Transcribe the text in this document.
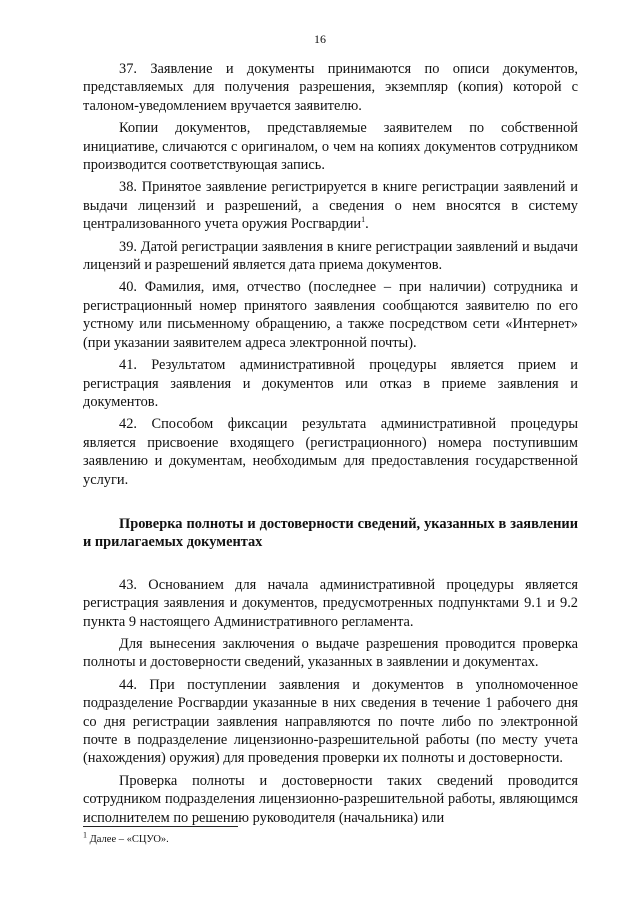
16

37. Заявление и документы принимаются по описи документов, представляемых для получения разрешения, экземпляр (копия) которой с талоном-уведомлением вручается заявителю.

Копии документов, представляемые заявителем по собственной инициативе, сличаются с оригиналом, о чем на копиях документов сотрудником производится соответствующая запись.

38. Принятое заявление регистрируется в книге регистрации заявлений и выдачи лицензий и разрешений, а сведения о нем вносятся в систему централизованного учета оружия Росгвардии$^1$.

39. Датой регистрации заявления в книге регистрации заявлений и выдачи лицензий и разрешений является дата приема документов.

40. Фамилия, имя, отчество (последнее – при наличии) сотрудника и регистрационный номер принятого заявления сообщаются заявителю по его устному или письменному обращению, а также посредством сети «Интернет» (при указании заявителем адреса электронной почты).

41. Результатом административной процедуры является прием и регистрация заявления и документов или отказ в приеме заявления и документов.

42. Способом фиксации результата административной процедуры является присвоение входящего (регистрационного) номера поступившим заявлению и документам, необходимым для предоставления государственной услуги.

Проверка полноты и достоверности сведений, указанных в заявлении и прилагаемых документах

43. Основанием для начала административной процедуры является регистрация заявления и документов, предусмотренных подпунктами 9.1 и 9.2 пункта 9 настоящего Административного регламента.

Для вынесения заключения о выдаче разрешения проводится проверка полноты и достоверности сведений, указанных в заявлении и документах.

44. При поступлении заявления и документов в уполномоченное подразделение Росгвардии указанные в них сведения в течение 1 рабочего дня со дня регистрации заявления направляются по почте либо по электронной почте в подразделение лицензионно-разрешительной работы (по месту учета (нахождения) оружия) для проведения проверки их полноты и достоверности.

Проверка полноты и достоверности таких сведений проводится сотрудником подразделения лицензионно-разрешительной работы, являющимся исполнителем по решению руководителя (начальника) или

$^1$ Далее – «СЦУО».
